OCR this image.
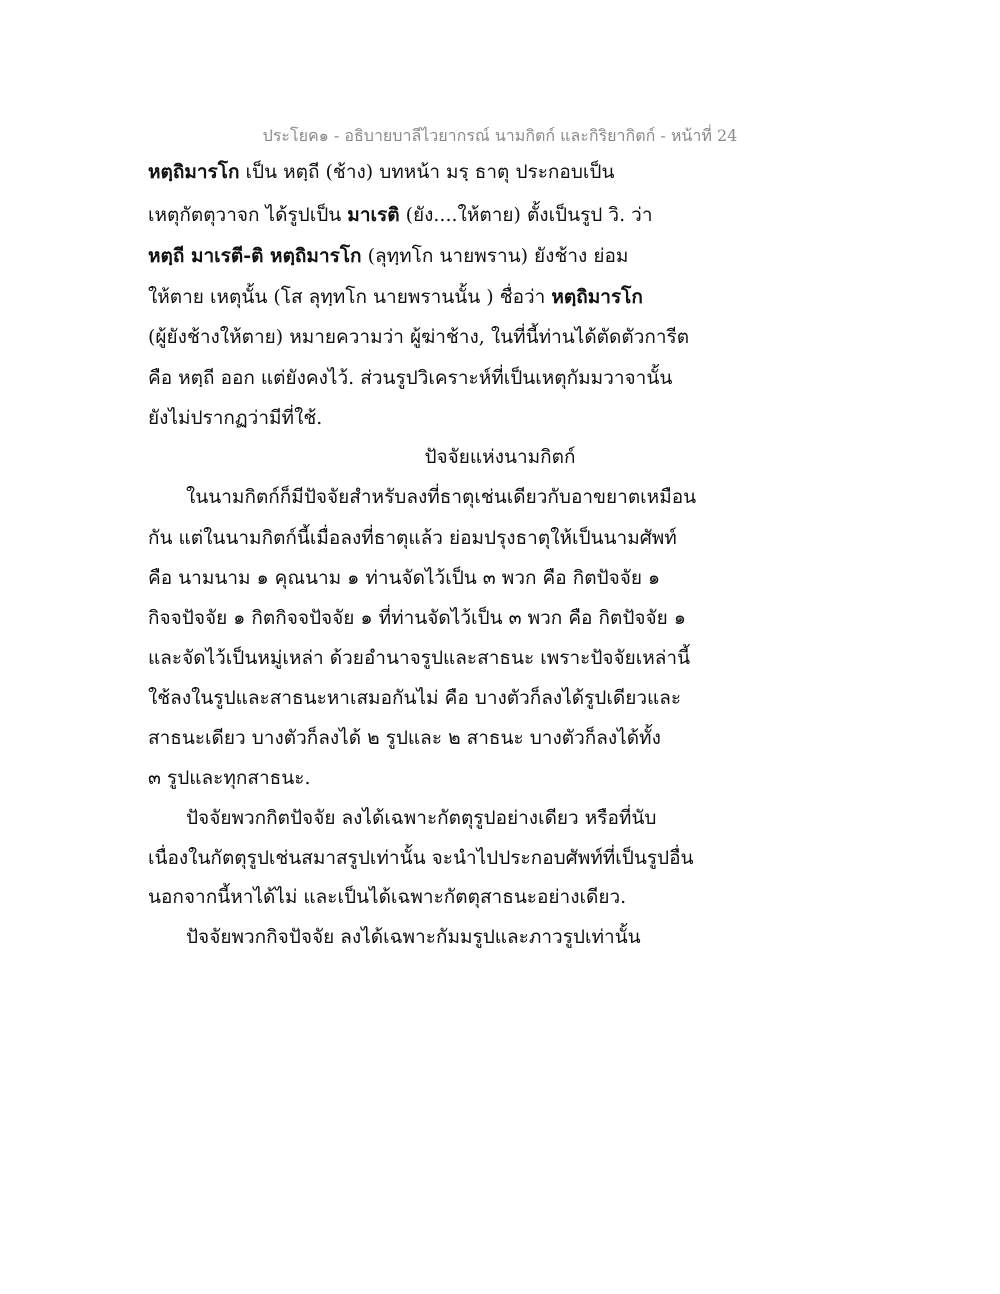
ประโยค๑ - อธิบายบาลีไวยากรณ์ นามกิตก์ และกิริยากิตก์ - หน้าที่ 24
หตฺถิมารโก เป็น หตฺถี (ช้าง) บทหน้า มรฺ ธาตุ ประกอบเป็น
เหตุกัตตุวาจก ได้รูปเป็น มาเรติ (ยัง....ให้ตาย) ตั้งเป็นรูป วิ. ว่า
หตฺถี มาเรตี-ติ หตฺถิมารโก (ลุทฺทโก นายพราน) ยังช้าง ย่อม
ให้ตาย เหตุนั้น (โส ลุทฺทโก นายพรานนั้น ) ชื่อว่า หตฺถิมารโก
(ผู้ยังช้างให้ตาย) หมายความว่า ผู้ฆ่าช้าง, ในที่นี้ท่านได้ตัดตัวการีต
คือ หตฺถี ออก แต่ยังคงไว้. ส่วนรูปวิเคราะห์ที่เป็นเหตุกัมมวาจานั้น
ยังไม่ปรากฏว่ามีที่ใช้.
ปัจจัยแห่งนามกิตก์
ในนามกิตก์ก็มีปัจจัยสำหรับลงที่ธาตุเช่นเดียวกับอาขยาตเหมือน
กัน แต่ในนามกิตก์นี้เมื่อลงที่ธาตุแล้ว ย่อมปรุงธาตุให้เป็นนามศัพท์
คือ นามนาม ๑ คุณนาม ๑ ท่านจัดไว้เป็น ๓ พวก คือ กิตปัจจัย ๑
กิจจปัจจัย ๑ กิตกิจจปัจจัย ๑ ที่ท่านจัดไว้เป็น ๓ พวก คือ กิตปัจจัย ๑
และจัดไว้เป็นหมู่เหล่า ด้วยอำนาจรูปและสาธนะ เพราะปัจจัยเหล่านี้
ใช้ลงในรูปและสาธนะหาเสมอกันไม่ คือ บางตัวก็ลงได้รูปเดียวและ
สาธนะเดียว บางตัวก็ลงได้ ๒ รูปและ ๒ สาธนะ บางตัวก็ลงได้ทั้ง
๓ รูปและทุกสาธนะ.
ปัจจัยพวกกิตปัจจัย ลงได้เฉพาะกัตตุรูปอย่างเดียว หรือที่นับ
เนื่องในกัตตุรูปเช่นสมาสรูปเท่านั้น จะนำไปประกอบศัพท์ที่เป็นรูปอื่น
นอกจากนี้หาได้ไม่ และเป็นได้เฉพาะกัตตุสาธนะอย่างเดียว.
ปัจจัยพวกกิจปัจจัย ลงได้เฉพาะกัมมรูปและภาวรูปเท่านั้น
